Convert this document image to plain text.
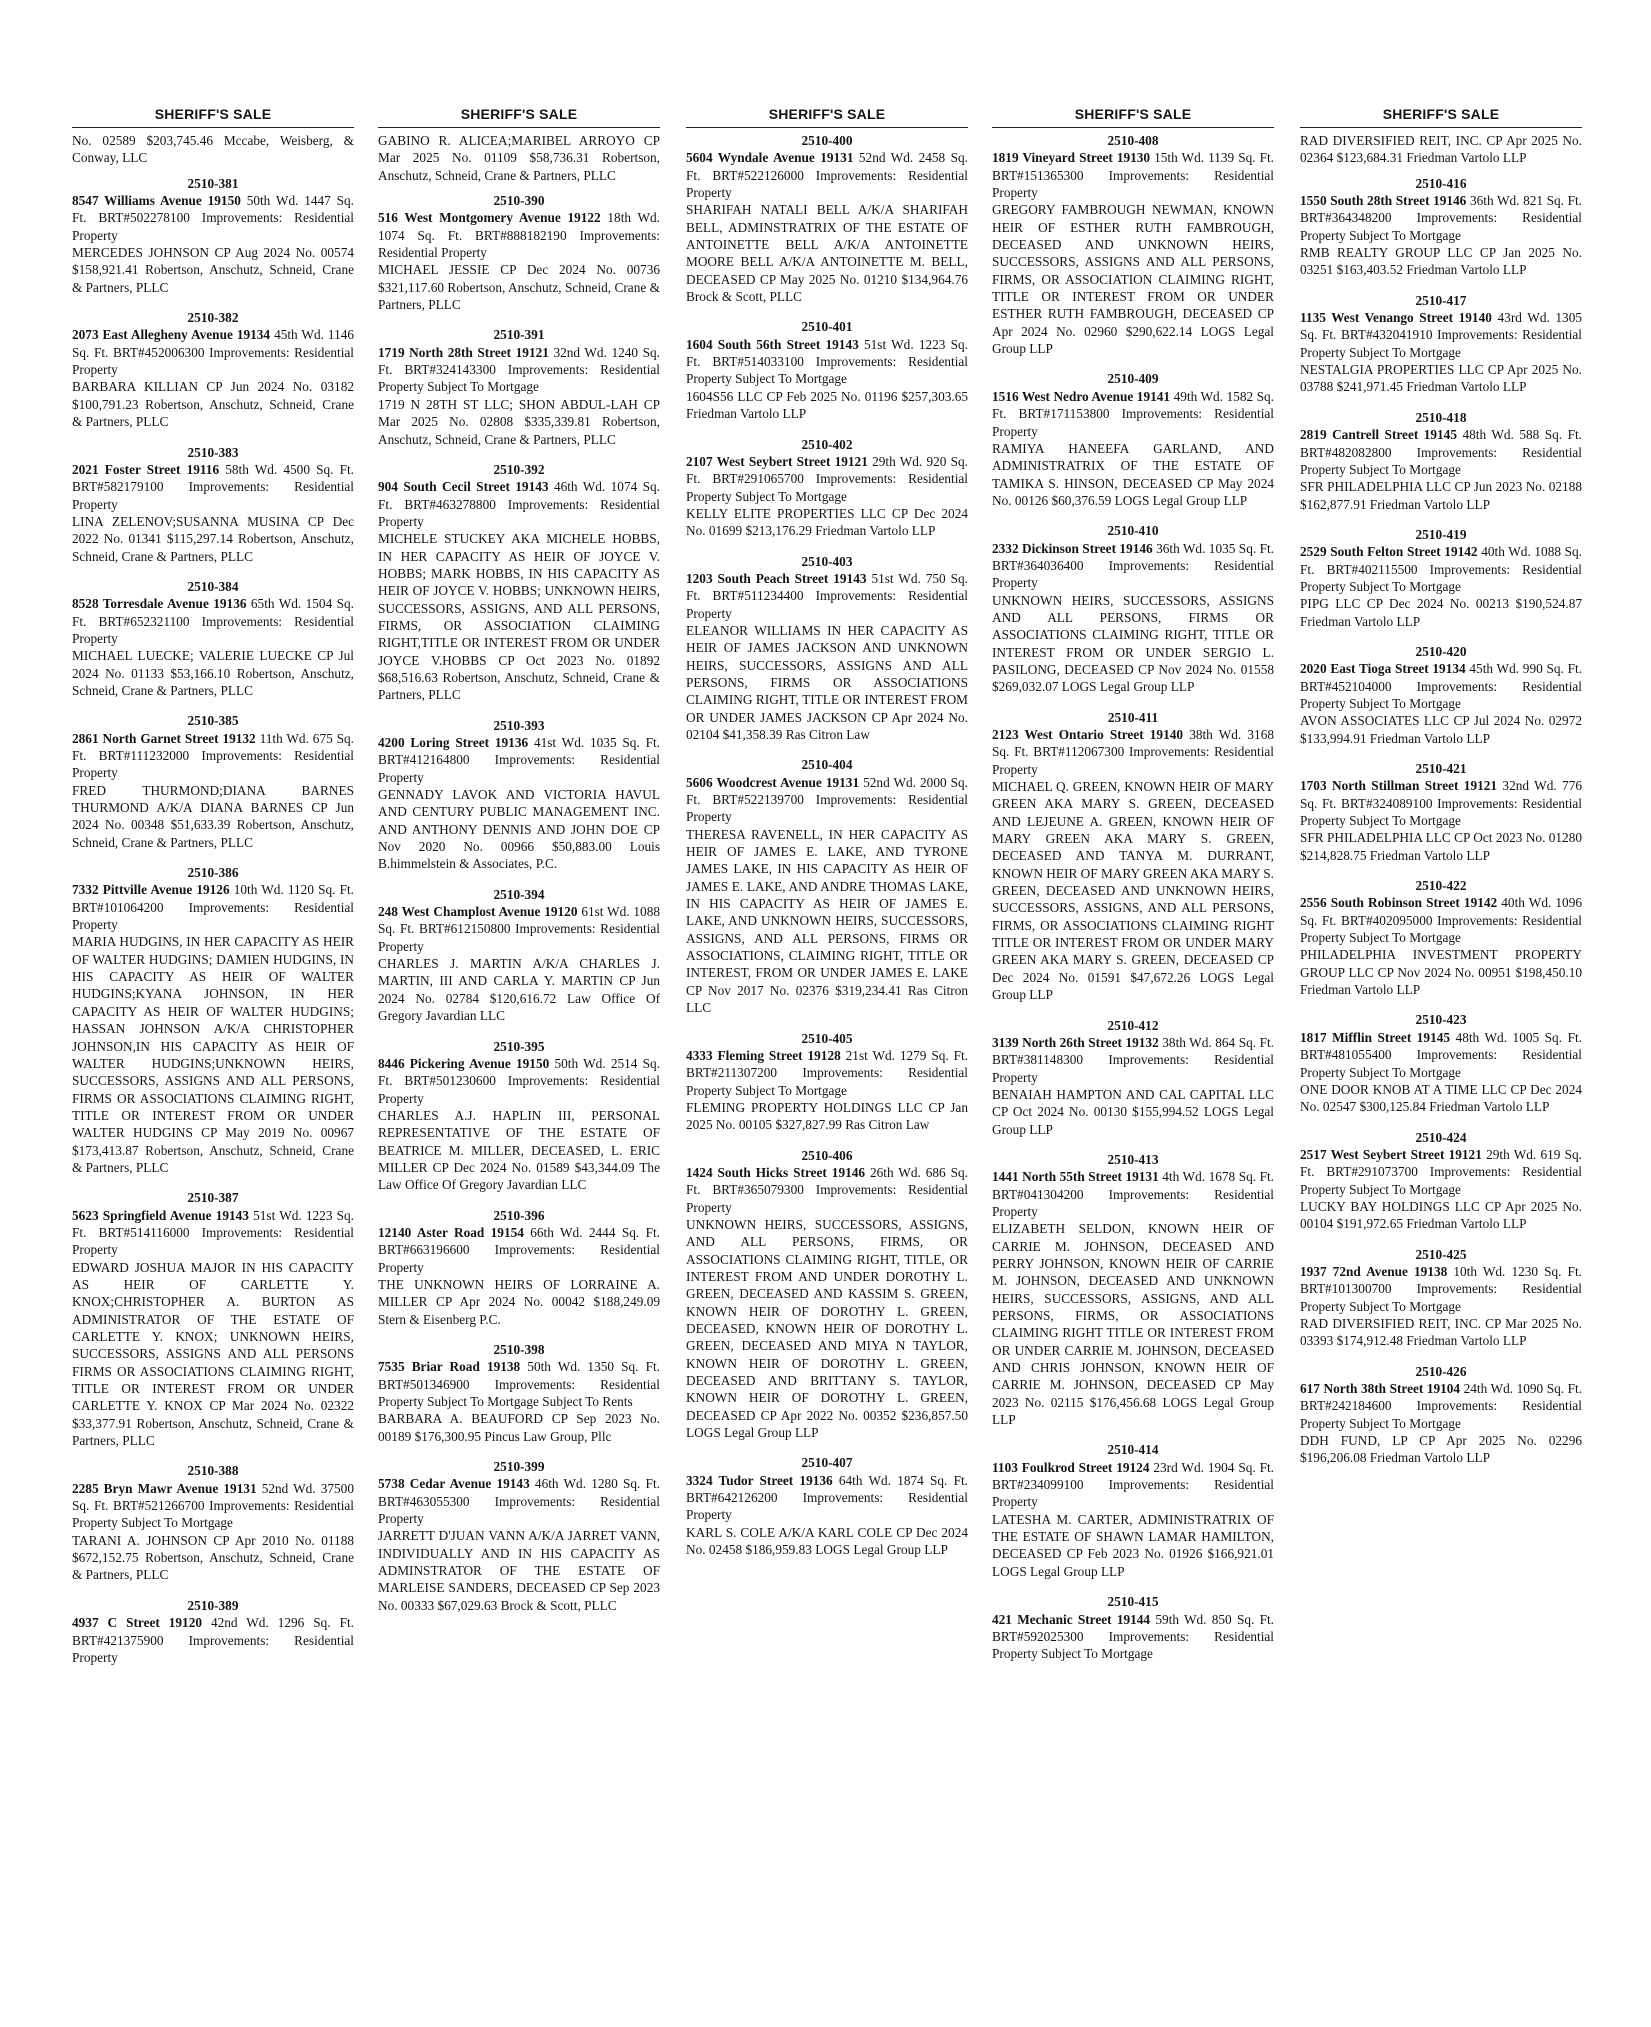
SHERIFF'S SALE

No. 02589 $203,745.46 Mccabe, Weisberg, & Conway, LLC

2510-381

8547 Williams Avenue 19150 50th Wd. 1447 Sq. Ft. BRT#502278100 Improvements: Residential Property

MERCEDES JOHNSON CP Aug 2024 No. 00574 $158,921.41 Robertson, Anschutz, Schneid, Crane & Partners, PLLC

2510-382

2073 East Allegheny Avenue 19134 45th Wd. 1146 Sq. Ft. BRT#452006300 Improvements: Residential Property

BARBARA KILLIAN CP Jun 2024 No. 03182 $100,791.23 Robertson, Anschutz, Schneid, Crane & Partners, PLLC

2510-383

2021 Foster Street 19116 58th Wd. 4500 Sq. Ft. BRT#582179100 Improvements: Residential Property

LINA ZELENOV;SUSANNA MUSINA CP Dec 2022 No. 01341 $115,297.14 Robertson, Anschutz, Schneid, Crane & Partners, PLLC

2510-384

8528 Torresdale Avenue 19136 65th Wd. 1504 Sq. Ft. BRT#652321100 Improvements: Residential Property

MICHAEL LUECKE; VALERIE LUECKE CP Jul 2024 No. 01133 $53,166.10 Robertson, Anschutz, Schneid, Crane & Partners, PLLC

2510-385

2861 North Garnet Street 19132 11th Wd. 675 Sq. Ft. BRT#111232000 Improvements: Residential Property

FRED THURMOND;DIANA BARNES THURMOND A/K/A DIANA BARNES CP Jun 2024 No. 00348 $51,633.39 Robertson, Anschutz, Schneid, Crane & Partners, PLLC

2510-386

7332 Pittville Avenue 19126 10th Wd. 1120 Sq. Ft. BRT#101064200 Improvements: Residential Property

MARIA HUDGINS, IN HER CAPACITY AS HEIR OF WALTER HUDGINS; DAMIEN HUDGINS, IN HIS CAPACITY AS HEIR OF WALTER HUDGINS;KYANA JOHNSON, IN HER CAPACITY AS HEIR OF WALTER HUDGINS; HASSAN JOHNSON A/K/A CHRISTOPHER JOHNSON,IN HIS CAPACITY AS HEIR OF WALTER HUDGINS;UNKNOWN HEIRS, SUCCESSORS, ASSIGNS AND ALL PERSONS, FIRMS OR ASSOCIATIONS CLAIMING RIGHT, TITLE OR INTEREST FROM OR UNDER WALTER HUDGINS CP May 2019 No. 00967 $173,413.87 Robertson, Anschutz, Schneid, Crane & Partners, PLLC

2510-387

5623 Springfield Avenue 19143 51st Wd. 1223 Sq. Ft. BRT#514116000 Improvements: Residential Property

EDWARD JOSHUA MAJOR IN HIS CAPACITY AS HEIR OF CARLETTE Y. KNOX;CHRISTOPHER A. BURTON AS ADMINISTRATOR OF THE ESTATE OF CARLETTE Y. KNOX; UNKNOWN HEIRS, SUCCESSORS, ASSIGNS AND ALL PERSONS FIRMS OR ASSOCIATIONS CLAIMING RIGHT, TITLE OR INTEREST FROM OR UNDER CARLETTE Y. KNOX CP Mar 2024 No. 02322 $33,377.91 Robertson, Anschutz, Schneid, Crane & Partners, PLLC

2510-388

2285 Bryn Mawr Avenue 19131 52nd Wd. 37500 Sq. Ft. BRT#521266700 Improvements: Residential Property Subject To Mortgage

TARANI A. JOHNSON CP Apr 2010 No. 01188 $672,152.75 Robertson, Anschutz, Schneid, Crane & Partners, PLLC

2510-389

4937 C Street 19120 42nd Wd. 1296 Sq. Ft. BRT#421375900 Improvements: Residential Property

SHERIFF'S SALE

GABINO R. ALICEA;MARIBEL ARROYO CP Mar 2025 No. 01109 $58,736.31 Robertson, Anschutz, Schneid, Crane & Partners, PLLC

2510-390

516 West Montgomery Avenue 19122 18th Wd. 1074 Sq. Ft. BRT#888182190 Improvements: Residential Property

MICHAEL JESSIE CP Dec 2024 No. 00736 $321,117.60 Robertson, Anschutz, Schneid, Crane & Partners, PLLC

2510-391

1719 North 28th Street 19121 32nd Wd. 1240 Sq. Ft. BRT#324143300 Improvements: Residential Property Subject To Mortgage

1719 N 28TH ST LLC; SHON ABDUL-LAH CP Mar 2025 No. 02808 $335,339.81 Robertson, Anschutz, Schneid, Crane & Partners, PLLC

2510-392

904 South Cecil Street 19143 46th Wd. 1074 Sq. Ft. BRT#463278800 Improvements: Residential Property

MICHELE STUCKEY AKA MICHELE HOBBS, IN HER CAPACITY AS HEIR OF JOYCE V. HOBBS; MARK HOBBS, IN HIS CAPACITY AS HEIR OF JOYCE V. HOBBS; UNKNOWN HEIRS, SUCCESSORS, ASSIGNS, AND ALL PERSONS, FIRMS, OR ASSOCIATION CLAIMING RIGHT,TITLE OR INTEREST FROM OR UNDER JOYCE V.HOBBS CP Oct 2023 No. 01892 $68,516.63 Robertson, Anschutz, Schneid, Crane & Partners, PLLC

2510-393

4200 Loring Street 19136 41st Wd. 1035 Sq. Ft. BRT#412164800 Improvements: Residential Property

GENNADY LAVOK AND VICTORIA HAVUL AND CENTURY PUBLIC MANAGEMENT INC. AND ANTHONY DENNIS AND JOHN DOE CP Nov 2020 No. 00966 $50,883.00 Louis B.himmelstein & Associates, P.C.

2510-394

248 West Champlost Avenue 19120 61st Wd. 1088 Sq. Ft. BRT#612150800 Improvements: Residential Property

CHARLES J. MARTIN A/K/A CHARLES J. MARTIN, III AND CARLA Y. MARTIN CP Jun 2024 No. 02784 $120,616.72 Law Office Of Gregory Javardian LLC

2510-395

8446 Pickering Avenue 19150 50th Wd. 2514 Sq. Ft. BRT#501230600 Improvements: Residential Property

CHARLES A.J. HAPLIN III, PERSONAL REPRESENTATIVE OF THE ESTATE OF BEATRICE M. MILLER, DECEASED, L. ERIC MILLER CP Dec 2024 No. 01589 $43,344.09 The Law Office Of Gregory Javardian LLC

2510-396

12140 Aster Road 19154 66th Wd. 2444 Sq. Ft. BRT#663196600 Improvements: Residential Property

THE UNKNOWN HEIRS OF LORRAINE A. MILLER CP Apr 2024 No. 00042 $188,249.09 Stern & Eisenberg P.C.

2510-398

7535 Briar Road 19138 50th Wd. 1350 Sq. Ft. BRT#501346900 Improvements: Residential Property Subject To Mortgage Subject To Rents

BARBARA A. BEAUFORD CP Sep 2023 No. 00189 $176,300.95 Pincus Law Group, Pllc

2510-399

5738 Cedar Avenue 19143 46th Wd. 1280 Sq. Ft. BRT#463055300 Improvements: Residential Property

JARRETT D'JUAN VANN A/K/A JARRET VANN, INDIVIDUALLY AND IN HIS CAPACITY AS ADMINSTRATOR OF THE ESTATE OF MARLEISE SANDERS, DECEASED CP Sep 2023 No. 00333 $67,029.63 Brock & Scott, PLLC

SHERIFF'S SALE

2510-400

5604 Wyndale Avenue 19131 52nd Wd. 2458 Sq. Ft. BRT#522126000 Improvements: Residential Property

SHARIFAH NATALI BELL A/K/A SHARIFAH BELL, ADMINSTRATRIX OF THE ESTATE OF ANTOINETTE BELL A/K/A ANTOINETTE MOORE BELL A/K/A ANTOINETTE M. BELL, DECEASED CP May 2025 No. 01210 $134,964.76 Brock & Scott, PLLC

2510-401

1604 South 56th Street 19143 51st Wd. 1223 Sq. Ft. BRT#514033100 Improvements: Residential Property Subject To Mortgage

1604S56 LLC CP Feb 2025 No. 01196 $257,303.65 Friedman Vartolo LLP

2510-402

2107 West Seybert Street 19121 29th Wd. 920 Sq. Ft. BRT#291065700 Improvements: Residential Property Subject To Mortgage

KELLY ELITE PROPERTIES LLC CP Dec 2024 No. 01699 $213,176.29 Friedman Vartolo LLP

2510-403

1203 South Peach Street 19143 51st Wd. 750 Sq. Ft. BRT#511234400 Improvements: Residential Property

ELEANOR WILLIAMS IN HER CAPACITY AS HEIR OF JAMES JACKSON AND UNKNOWN HEIRS, SUCCESSORS, ASSIGNS AND ALL PERSONS, FIRMS OR ASSOCIATIONS CLAIMING RIGHT, TITLE OR INTEREST FROM OR UNDER JAMES JACKSON CP Apr 2024 No. 02104 $41,358.39 Ras Citron Law

2510-404

5606 Woodcrest Avenue 19131 52nd Wd. 2000 Sq. Ft. BRT#522139700 Improvements: Residential Property

THERESA RAVENELL, IN HER CAPACITY AS HEIR OF JAMES E. LAKE, AND TYRONE JAMES LAKE, IN HIS CAPACITY AS HEIR OF JAMES E. LAKE, AND ANDRE THOMAS LAKE, IN HIS CAPACITY AS HEIR OF JAMES E. LAKE, AND UNKNOWN HEIRS, SUCCESSORS, ASSIGNS, AND ALL PERSONS, FIRMS OR ASSOCIATIONS, CLAIMING RIGHT, TITLE OR INTEREST, FROM OR UNDER JAMES E. LAKE CP Nov 2017 No. 02376 $319,234.41 Ras Citron LLC

2510-405

4333 Fleming Street 19128 21st Wd. 1279 Sq. Ft. BRT#211307200 Improvements: Residential Property Subject To Mortgage

FLEMING PROPERTY HOLDINGS LLC CP Jan 2025 No. 00105 $327,827.99 Ras Citron Law

2510-406

1424 South Hicks Street 19146 26th Wd. 686 Sq. Ft. BRT#365079300 Improvements: Residential Property

UNKNOWN HEIRS, SUCCESSORS, ASSIGNS, AND ALL PERSONS, FIRMS, OR ASSOCIATIONS CLAIMING RIGHT, TITLE, OR INTEREST FROM AND UNDER DOROTHY L. GREEN, DECEASED AND KASSIM S. GREEN, KNOWN HEIR OF DOROTHY L. GREEN, DECEASED, KNOWN HEIR OF DOROTHY L. GREEN, DECEASED AND MIYA N TAYLOR, KNOWN HEIR OF DOROTHY L. GREEN, DECEASED AND BRITTANY S. TAYLOR, KNOWN HEIR OF DOROTHY L. GREEN, DECEASED CP Apr 2022 No. 00352 $236,857.50 LOGS Legal Group LLP

2510-407

3324 Tudor Street 19136 64th Wd. 1874 Sq. Ft. BRT#642126200 Improvements: Residential Property

KARL S. COLE A/K/A KARL COLE CP Dec 2024 No. 02458 $186,959.83 LOGS Legal Group LLP

SHERIFF'S SALE

2510-408

1819 Vineyard Street 19130 15th Wd. 1139 Sq. Ft. BRT#151365300 Improvements: Residential Property

GREGORY FAMBROUGH NEWMAN, KNOWN HEIR OF ESTHER RUTH FAMBROUGH, DECEASED AND UNKNOWN HEIRS, SUCCESSORS, ASSIGNS AND ALL PERSONS, FIRMS, OR ASSOCIATION CLAIMING RIGHT, TITLE OR INTEREST FROM OR UNDER ESTHER RUTH FAMBROUGH, DECEASED CP Apr 2024 No. 02960 $290,622.14 LOGS Legal Group LLP

2510-409

1516 West Nedro Avenue 19141 49th Wd. 1582 Sq. Ft. BRT#171153800 Improvements: Residential Property

RAMIYA HANEEFA GARLAND, AND ADMINISTRATRIX OF THE ESTATE OF TAMIKA S. HINSON, DECEASED CP May 2024 No. 00126 $60,376.59 LOGS Legal Group LLP

2510-410

2332 Dickinson Street 19146 36th Wd. 1035 Sq. Ft. BRT#364036400 Improvements: Residential Property

UNKNOWN HEIRS, SUCCESSORS, ASSIGNS AND ALL PERSONS, FIRMS OR ASSOCIATIONS CLAIMING RIGHT, TITLE OR INTEREST FROM OR UNDER SERGIO L. PASILONG, DECEASED CP Nov 2024 No. 01558 $269,032.07 LOGS Legal Group LLP

2510-411

2123 West Ontario Street 19140 38th Wd. 3168 Sq. Ft. BRT#112067300 Improvements: Residential Property

MICHAEL Q. GREEN, KNOWN HEIR OF MARY GREEN AKA MARY S. GREEN, DECEASED AND LEJEUNE A. GREEN, KNOWN HEIR OF MARY GREEN AKA MARY S. GREEN, DECEASED AND TANYA M. DURRANT, KNOWN HEIR OF MARY GREEN AKA MARY S. GREEN, DECEASED AND UNKNOWN HEIRS, SUCCESSORS, ASSIGNS, AND ALL PERSONS, FIRMS, OR ASSOCIATIONS CLAIMING RIGHT TITLE OR INTEREST FROM OR UNDER MARY GREEN AKA MARY S. GREEN, DECEASED CP Dec 2024 No. 01591 $47,672.26 LOGS Legal Group LLP

2510-412

3139 North 26th Street 19132 38th Wd. 864 Sq. Ft. BRT#381148300 Improvements: Residential Property

BENAIAH HAMPTON AND CAL CAPITAL LLC CP Oct 2024 No. 00130 $155,994.52 LOGS Legal Group LLP

2510-413

1441 North 55th Street 19131 4th Wd. 1678 Sq. Ft. BRT#041304200 Improvements: Residential Property

ELIZABETH SELDON, KNOWN HEIR OF CARRIE M. JOHNSON, DECEASED AND PERRY JOHNSON, KNOWN HEIR OF CARRIE M. JOHNSON, DECEASED AND UNKNOWN HEIRS, SUCCESSORS, ASSIGNS, AND ALL PERSONS, FIRMS, OR ASSOCIATIONS CLAIMING RIGHT TITLE OR INTEREST FROM OR UNDER CARRIE M. JOHNSON, DECEASED AND CHRIS JOHNSON, KNOWN HEIR OF CARRIE M. JOHNSON, DECEASED CP May 2023 No. 02115 $176,456.68 LOGS Legal Group LLP

2510-414

1103 Foulkrod Street 19124 23rd Wd. 1904 Sq. Ft. BRT#234099100 Improvements: Residential Property

LATESHA M. CARTER, ADMINISTRATRIX OF THE ESTATE OF SHAWN LAMAR HAMILTON, DECEASED CP Feb 2023 No. 01926 $166,921.01 LOGS Legal Group LLP

2510-415

421 Mechanic Street 19144 59th Wd. 850 Sq. Ft. BRT#592025300 Improvements: Residential Property Subject To Mortgage

SHERIFF'S SALE

RAD DIVERSIFIED REIT, INC. CP Apr 2025 No. 02364 $123,684.31 Friedman Vartolo LLP

2510-416

1550 South 28th Street 19146 36th Wd. 821 Sq. Ft. BRT#364348200 Improvements: Residential Property Subject To Mortgage

RMB REALTY GROUP LLC CP Jan 2025 No. 03251 $163,403.52 Friedman Vartolo LLP

2510-417

1135 West Venango Street 19140 43rd Wd. 1305 Sq. Ft. BRT#432041910 Improvements: Residential Property Subject To Mortgage

NESTALGIA PROPERTIES LLC CP Apr 2025 No. 03788 $241,971.45 Friedman Vartolo LLP

2510-418

2819 Cantrell Street 19145 48th Wd. 588 Sq. Ft. BRT#482082800 Improvements: Residential Property Subject To Mortgage

SFR PHILADELPHIA LLC CP Jun 2023 No. 02188 $162,877.91 Friedman Vartolo LLP

2510-419

2529 South Felton Street 19142 40th Wd. 1088 Sq. Ft. BRT#402115500 Improvements: Residential Property Subject To Mortgage

PIPG LLC CP Dec 2024 No. 00213 $190,524.87 Friedman Vartolo LLP

2510-420

2020 East Tioga Street 19134 45th Wd. 990 Sq. Ft. BRT#452104000 Improvements: Residential Property Subject To Mortgage

AVON ASSOCIATES LLC CP Jul 2024 No. 02972 $133,994.91 Friedman Vartolo LLP

2510-421

1703 North Stillman Street 19121 32nd Wd. 776 Sq. Ft. BRT#324089100 Improvements: Residential Property Subject To Mortgage

SFR PHILADELPHIA LLC CP Oct 2023 No. 01280 $214,828.75 Friedman Vartolo LLP

2510-422

2556 South Robinson Street 19142 40th Wd. 1096 Sq. Ft. BRT#402095000 Improvements: Residential Property Subject To Mortgage

PHILADELPHIA INVESTMENT PROPERTY GROUP LLC CP Nov 2024 No. 00951 $198,450.10 Friedman Vartolo LLP

2510-423

1817 Mifflin Street 19145 48th Wd. 1005 Sq. Ft. BRT#481055400 Improvements: Residential Property Subject To Mortgage

ONE DOOR KNOB AT A TIME LLC CP Dec 2024 No. 02547 $300,125.84 Friedman Vartolo LLP

2510-424

2517 West Seybert Street 19121 29th Wd. 619 Sq. Ft. BRT#291073700 Improvements: Residential Property Subject To Mortgage

LUCKY BAY HOLDINGS LLC CP Apr 2025 No. 00104 $191,972.65 Friedman Vartolo LLP

2510-425

1937 72nd Avenue 19138 10th Wd. 1230 Sq. Ft. BRT#101300700 Improvements: Residential Property Subject To Mortgage

RAD DIVERSIFIED REIT, INC. CP Mar 2025 No. 03393 $174,912.48 Friedman Vartolo LLP

2510-426

617 North 38th Street 19104 24th Wd. 1090 Sq. Ft. BRT#242184600 Improvements: Residential Property Subject To Mortgage

DDH FUND, LP CP Apr 2025 No. 02296 $196,206.08 Friedman Vartolo LLP
